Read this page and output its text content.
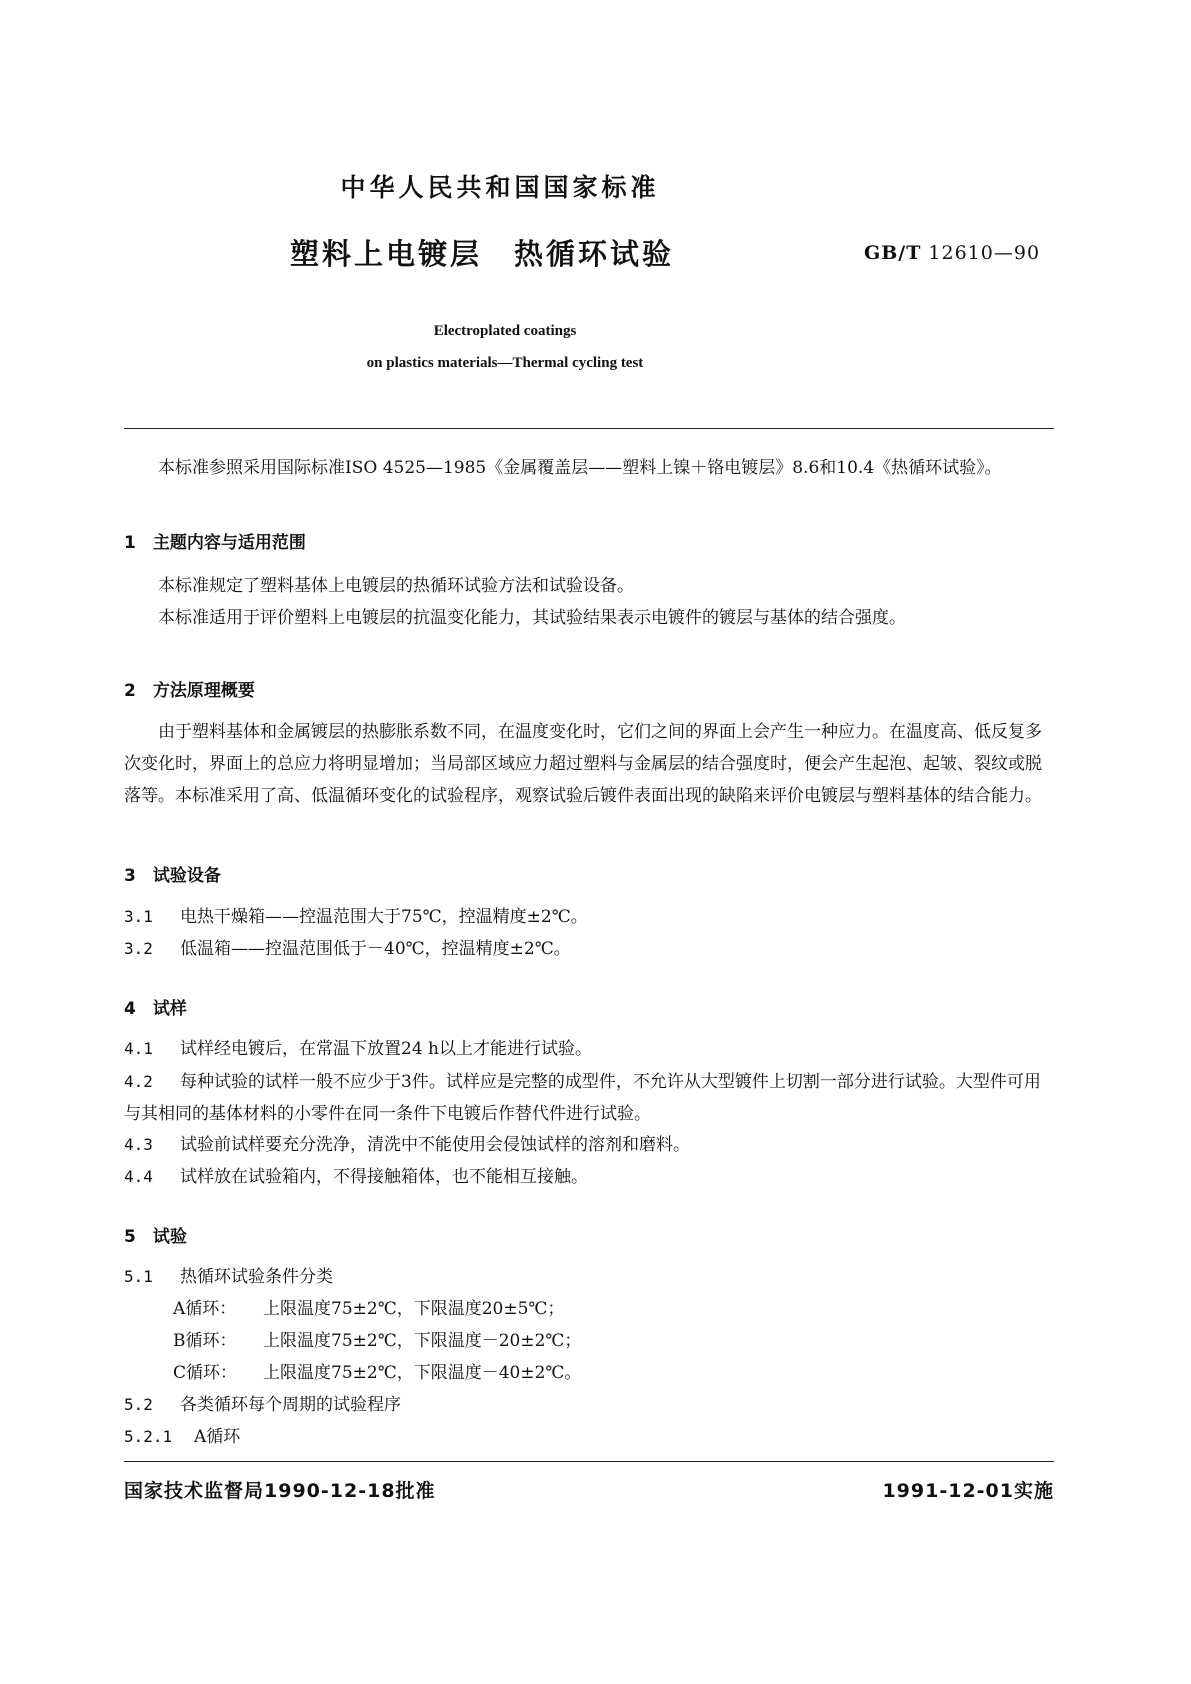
中华人民共和国国家标准
塑料上电镀层　热循环试验	GB/T 12610—90
Electroplated coatings
on plastics materials—Thermal cycling test
本标准参照采用国际标准ISO 4525—1985《金属覆盖层——塑料上镍＋铬电镀层》8.6和10.4《热循环试验》。
1　主题内容与适用范围
本标准规定了塑料基体上电镀层的热循环试验方法和试验设备。
本标准适用于评价塑料上电镀层的抗温变化能力，其试验结果表示电镀件的镀层与基体的结合强度。
2　方法原理概要
由于塑料基体和金属镀层的热膨胀系数不同，在温度变化时，它们之间的界面上会产生一种应力。在温度高、低反复多次变化时，界面上的总应力将明显增加；当局部区域应力超过塑料与金属层的结合强度时，便会产生起泡、起皱、裂纹或脱落等。本标准采用了高、低温循环变化的试验程序，观察试验后镀件表面出现的缺陷来评价电镀层与塑料基体的结合能力。
3　试验设备
3.1 电热干燥箱——控温范围大于75℃，控温精度±2℃。
3.2 低温箱——控温范围低于－40℃，控温精度±2℃。
4　试样
4.1 试样经电镀后，在常温下放置24 h以上才能进行试验。
4.2 每种试验的试样一般不应少于3件。试样应是完整的成型件，不允许从大型镀件上切割一部分进行试验。大型件可用与其相同的基体材料的小零件在同一条件下电镀后作替代件进行试验。
4.3 试验前试样要充分洗净，清洗中不能使用会侵蚀试样的溶剂和磨料。
4.4 试样放在试验箱内，不得接触箱体，也不能相互接触。
5　试验
5.1 热循环试验条件分类
A循环： 上限温度75±2℃，下限温度20±5℃；
B循环： 上限温度75±2℃，下限温度－20±2℃；
C循环： 上限温度75±2℃，下限温度－40±2℃。
5.2 各类循环每个周期的试验程序
5.2.1 A循环
国家技术监督局1990-12-18批准	1991-12-01实施
